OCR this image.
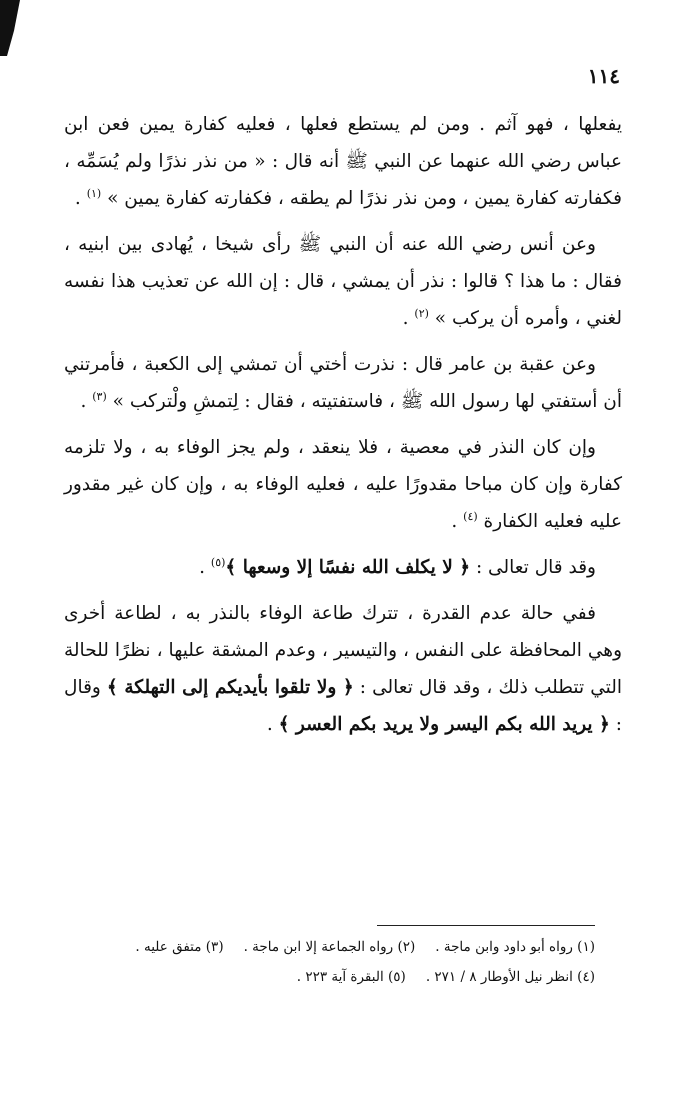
١١٤

يفعلها ، فهو آثم . ومن لم يستطع فعلها ، فعليه كفارة يمين فعن ابن عباس رضي الله عنهما عن النبي ﷺ أنه قال : « من نذر نذرًا ولم يُسَمِّه ، فكفارته كفارة يمين ، ومن نذر نذرًا لم يطقه ، فكفارته كفارة يمين » $^{(١)}$ .

وعن أنس رضي الله عنه أن النبي ﷺ رأى شيخا ، يُهادى بين ابنيه ، فقال : ما هذا ؟ قالوا : نذر أن يمشي ، قال : إن الله عن تعذيب هذا نفسه لغني ، وأمره أن يركب » $^{(٢)}$ .

وعن عقبة بن عامر قال : نذرت أختي أن تمشي إلى الكعبة ، فأمرتني أن أستفتي لها رسول الله ﷺ ، فاستفتيته ، فقال : لِتمشِ ولْتركب » $^{(٣)}$ .

وإن كان النذر في معصية ، فلا ينعقد ، ولم يجز الوفاء به ، ولا تلزمه كفارة وإن كان مباحا مقدورًا عليه ، فعليه الوفاء به ، وإن كان غير مقدور عليه فعليه الكفارة $^{(٤)}$ .

وقد قال تعالى : ﴿ لا يكلف الله نفسًا إلا وسعها ﴾$^{(٥)}$ .

ففي حالة عدم القدرة ، تترك طاعة الوفاء بالنذر به ، لطاعة أخرى وهي المحافظة على النفس ، والتيسير ، وعدم المشقة عليها ، نظرًا للحالة التي تتطلب ذلك ، وقد قال تعالى : ﴿ ولا تلقوا بأيديكم إلى التهلكة ﴾ وقال : ﴿ يريد الله بكم اليسر ولا يريد بكم العسر ﴾ .

(١) رواه أبو داود وابن ماجة .
(٢) رواه الجماعة إلا ابن ماجة .
(٣) متفق عليه .
(٤) انظر نيل الأوطار ٨ / ٢٧١ .
(٥) البقرة آية ٢٢٣ .
